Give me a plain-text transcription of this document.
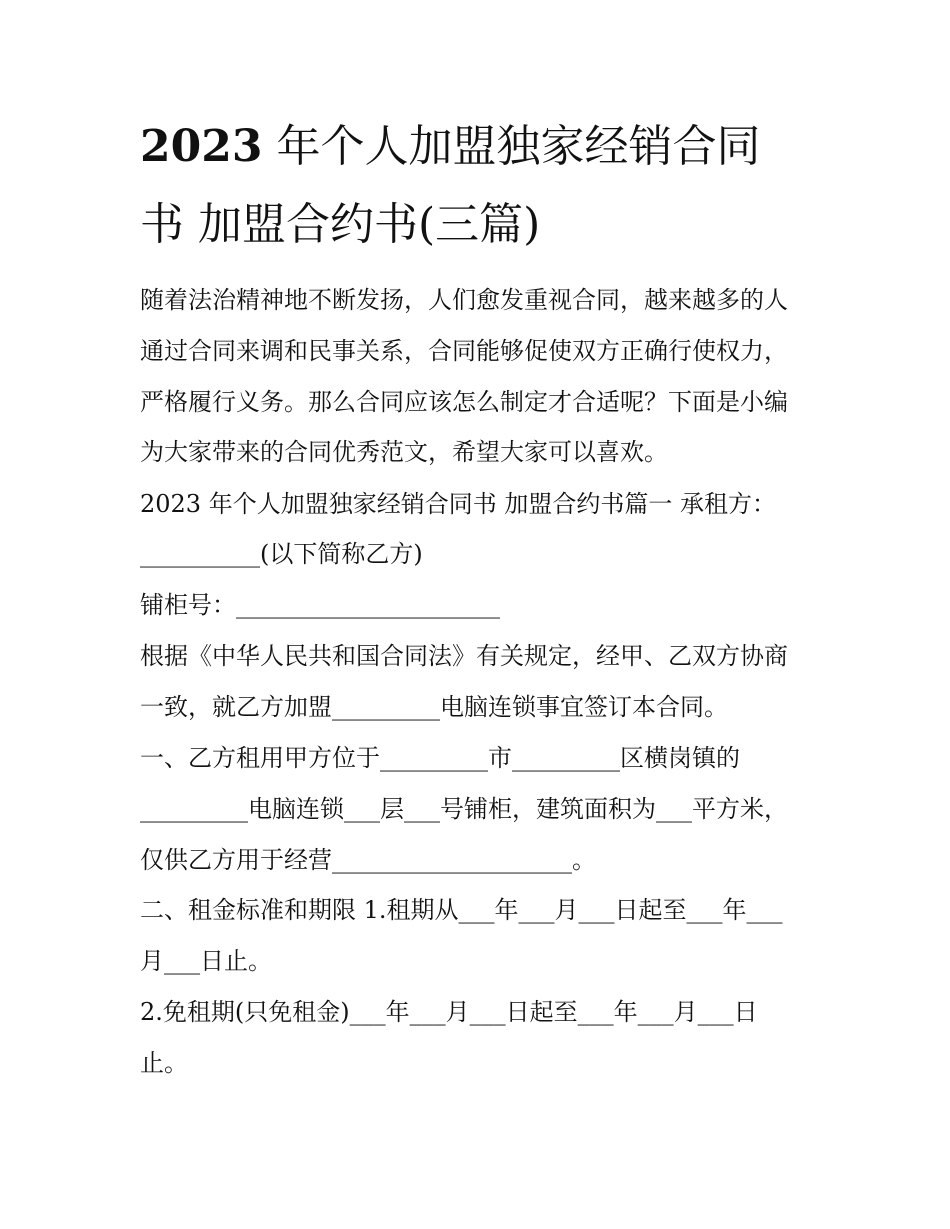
2023 年个人加盟独家经销合同
书 加盟合约书(三篇)

随着法治精神地不断发扬，人们愈发重视合同，越来越多的人

通过合同来调和民事关系，合同能够促使双方正确行使权力，

严格履行义务。那么合同应该怎么制定才合适呢？下面是小编

为大家带来的合同优秀范文，希望大家可以喜欢。

2023 年个人加盟独家经销合同书 加盟合约书篇一 承租方：

__________(以下简称乙方)

铺柜号：______________________

根据《中华人民共和国合同法》有关规定，经甲、乙双方协商

一致，就乙方加盟_________电脑连锁事宜签订本合同。

一、乙方租用甲方位于_________市_________区横岗镇的

_________电脑连锁___层___号铺柜，建筑面积为___平方米，

仅供乙方用于经营____________________。

二、租金标准和期限 1.租期从___年___月___日起至___年___

月___日止。

2.免租期(只免租金)___年___月___日起至___年___月___日

止。
